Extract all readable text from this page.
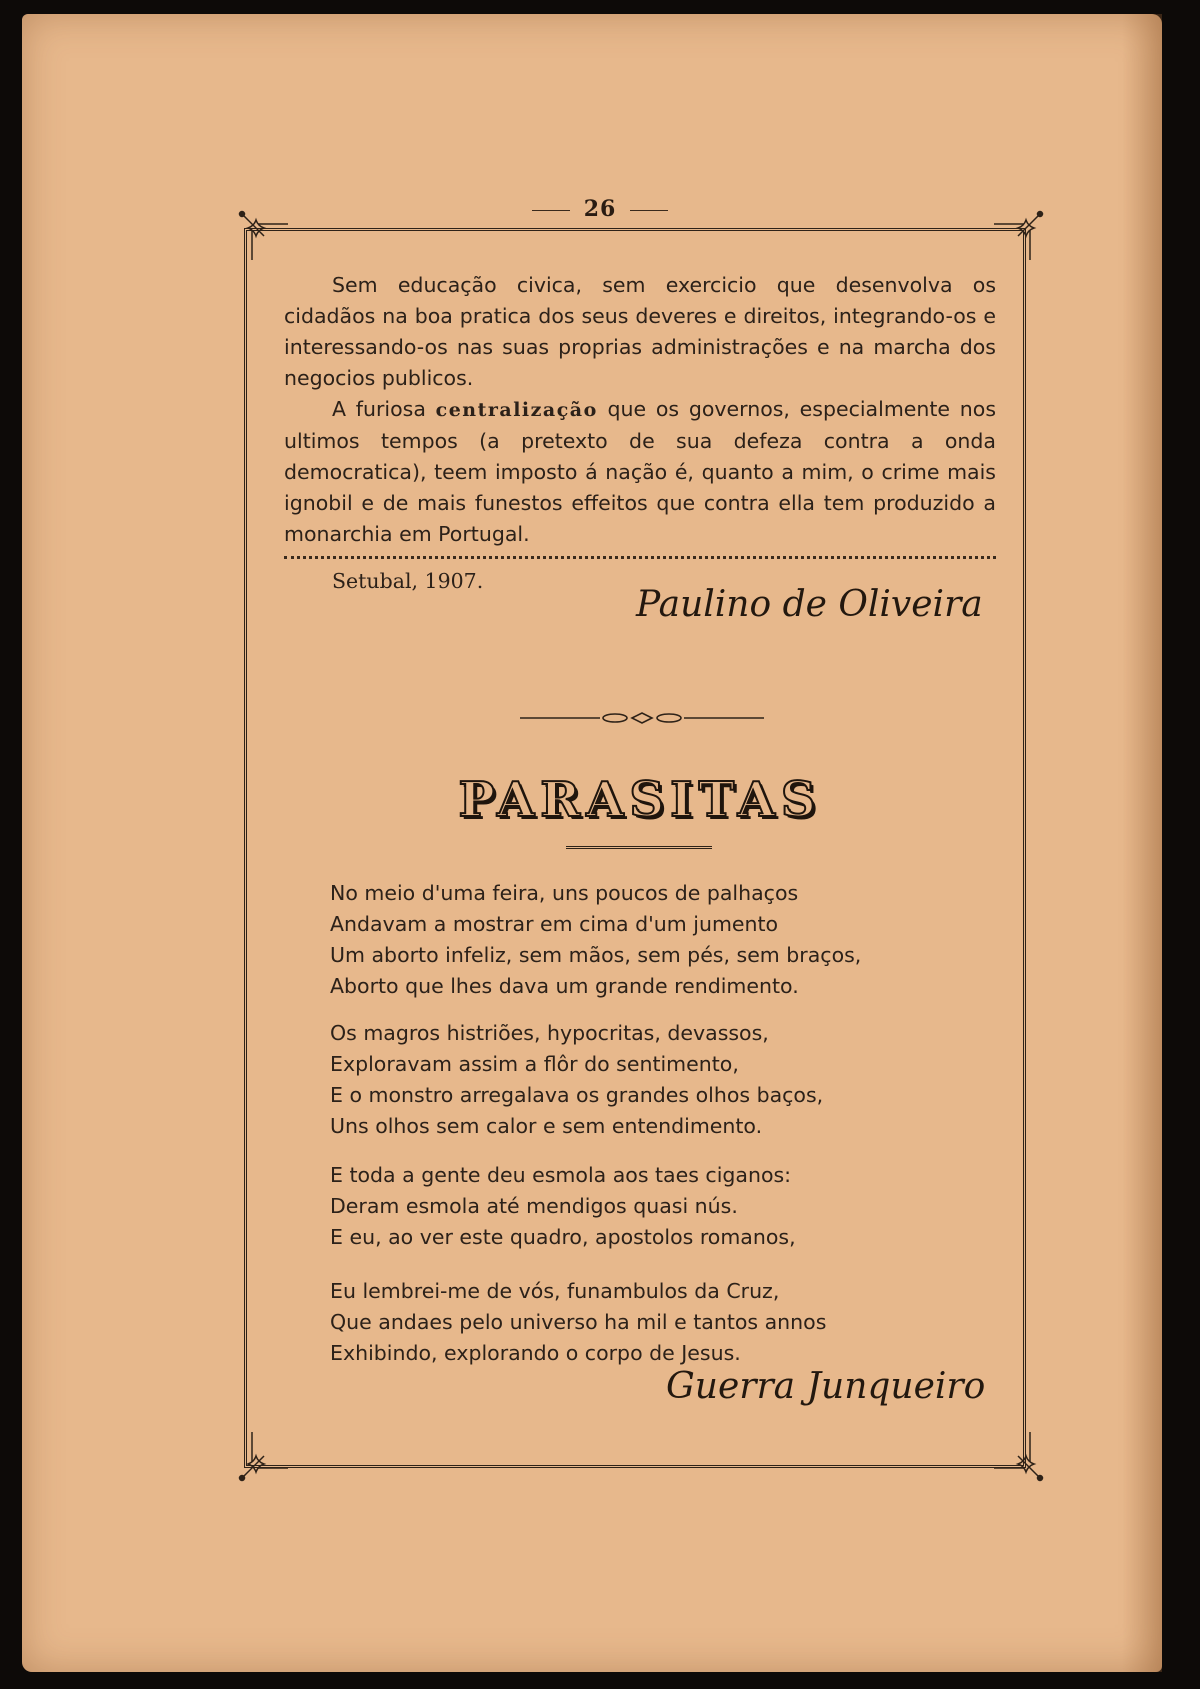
26

Sem educação civica, sem exercicio que desenvolva os cidadãos na boa pratica dos seus deveres e direitos, integrando-os e interessando-os nas suas proprias administrações e na marcha dos negocios publicos.

A furiosa centralização que os governos, especialmente nos ultimos tempos (a pretexto de sua defeza contra a onda democratica), teem imposto á nação é, quanto a mim, o crime mais ignobil e de mais funestos effeitos que contra ella tem produzido a monarchia em Portugal.

Setubal, 1907.
Paulino de Oliveira
PARASITAS
No meio d'uma feira, uns poucos de palhaços
Andavam a mostrar em cima d'um jumento
Um aborto infeliz, sem mãos, sem pés, sem braços,
Aborto que lhes dava um grande rendimento.
Os magros histriões, hypocritas, devassos,
Exploravam assim a flôr do sentimento,
E o monstro arregalava os grandes olhos baços,
Uns olhos sem calor e sem entendimento.
E toda a gente deu esmola aos taes ciganos:
Deram esmola até mendigos quasi nús.
E eu, ao ver este quadro, apostolos romanos,
Eu lembrei-me de vós, funambulos da Cruz,
Que andaes pelo universo ha mil e tantos annos
Exhibindo, explorando o corpo de Jesus.
Guerra Junqueiro
